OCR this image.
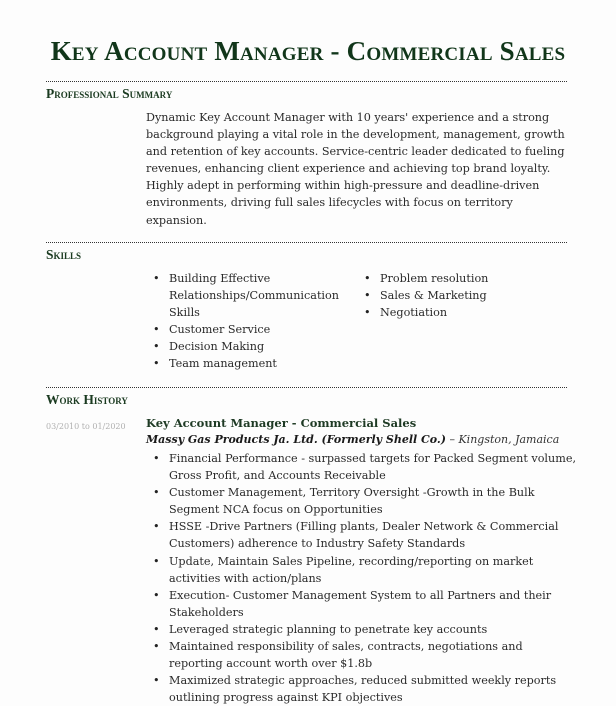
Key Account Manager - Commercial Sales
Professional Summary
Dynamic Key Account Manager with 10 years' experience and a strong background playing a vital role in the development, management, growth and retention of key accounts. Service-centric leader dedicated to fueling revenues, enhancing client experience and achieving top brand loyalty. Highly adept in performing within high-pressure and deadline-driven environments, driving full sales lifecycles with focus on territory expansion.
Skills
• Building Effective Relationships/Communication Skills
• Customer Service
• Decision Making
• Team management
• Problem resolution
• Sales & Marketing
• Negotiation
Work History
03/2010 to 01/2020 Key Account Manager - Commercial Sales
Massy Gas Products Ja. Ltd. (Formerly Shell Co.) – Kingston, Jamaica
• Financial Performance - surpassed targets for Packed Segment volume, Gross Profit, and Accounts Receivable
• Customer Management, Territory Oversight -Growth in the Bulk Segment NCA focus on Opportunities
• HSSE -Drive Partners (Filling plants, Dealer Network & Commercial Customers) adherence to Industry Safety Standards
• Update, Maintain Sales Pipeline, recording/reporting on market activities with action/plans
• Execution- Customer Management System to all Partners and their Stakeholders
• Leveraged strategic planning to penetrate key accounts
• Maintained responsibility of sales, contracts, negotiations and reporting account worth over $1.8b
• Maximized strategic approaches, reduced submitted weekly reports outlining progress against KPI objectives
